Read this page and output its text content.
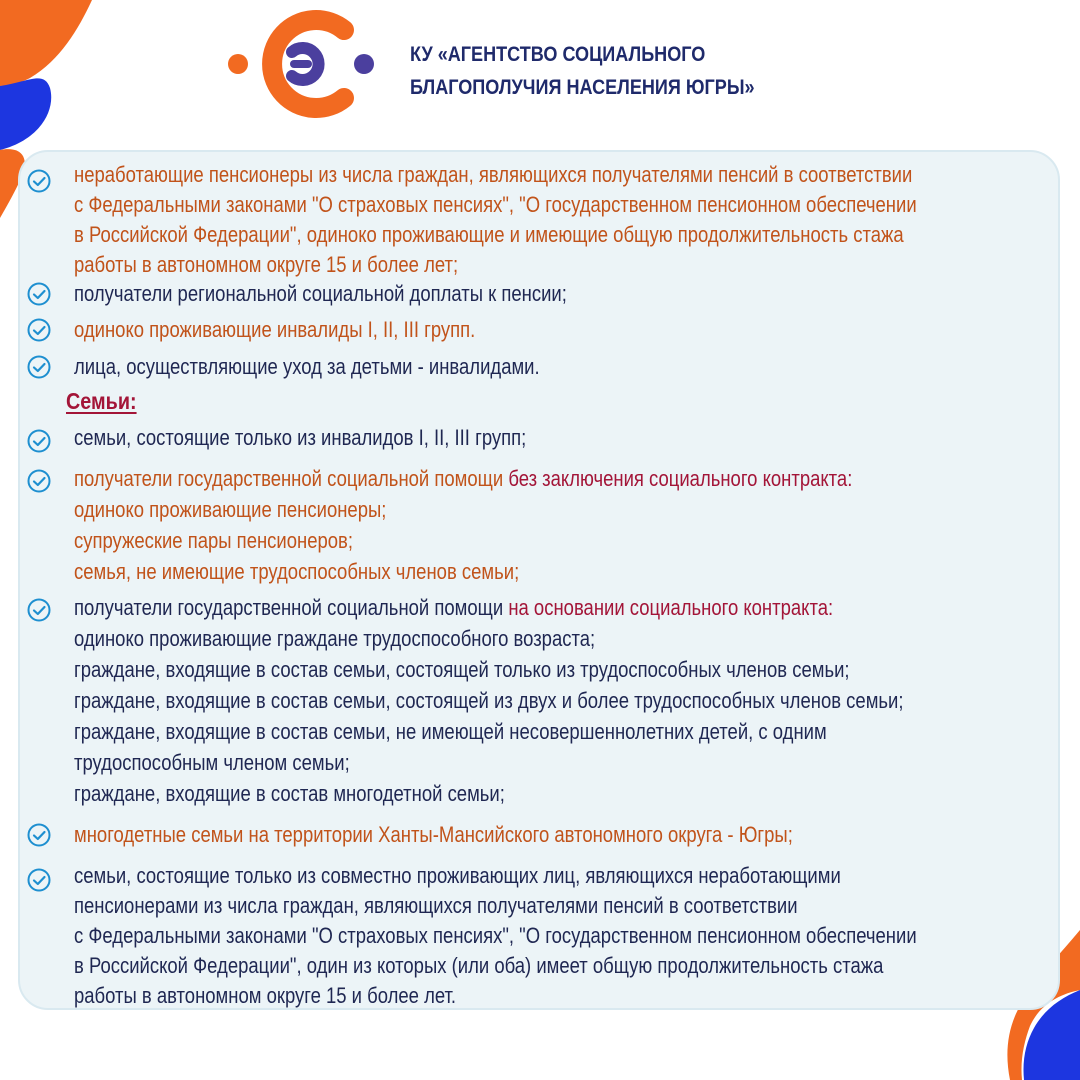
КУ «АГЕНТСТВО СОЦИАЛЬНОГО
БЛАГОПОЛУЧИЯ НАСЕЛЕНИЯ ЮГРЫ»
неработающие пенсионеры из числа граждан, являющихся получателями пенсий в соответствии
с Федеральными законами "О страховых пенсиях", "О государственном пенсионном обеспечении
в Российской Федерации", одиноко проживающие и имеющие общую продолжительность стажа
работы в автономном округе 15 и более лет;
получатели региональной социальной доплаты к пенсии;
одиноко проживающие инвалиды I, II, III групп.
лица, осуществляющие уход за детьми - инвалидами.
Семьи:
семьи, состоящие только из инвалидов I, II, III групп;
получатели государственной социальной помощи без заключения социального контракта:
одиноко проживающие пенсионеры;
супружеские пары пенсионеров;
семья, не имеющие трудоспособных членов семьи;
получатели государственной социальной помощи на основании социального контракта:
одиноко проживающие граждане трудоспособного возраста;
граждане, входящие в состав семьи, состоящей только из трудоспособных членов семьи;
граждане, входящие в состав семьи, состоящей из двух и более трудоспособных членов семьи;
граждане, входящие в состав семьи, не имеющей несовершеннолетних детей, с одним
трудоспособным членом семьи;
граждане, входящие в состав многодетной семьи;
многодетные семьи на территории Ханты-Мансийского автономного округа - Югры;
семьи, состоящие только из совместно проживающих лиц, являющихся неработающими
пенсионерами из числа граждан, являющихся получателями пенсий в соответствии
с Федеральными законами "О страховых пенсиях", "О государственном пенсионном обеспечении
в Российской Федерации", один из которых (или оба) имеет общую продолжительность стажа
работы в автономном округе 15 и более лет.
